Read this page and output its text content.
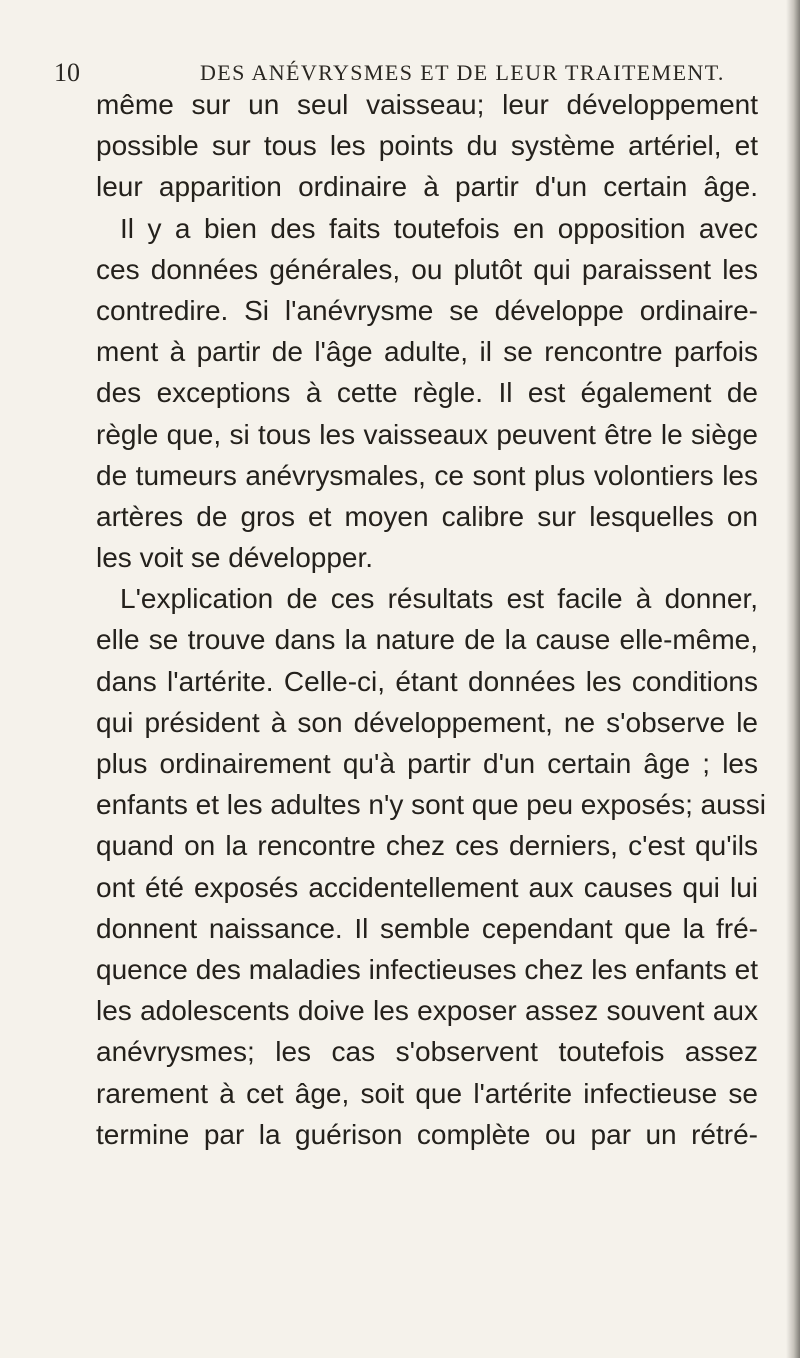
10	DES ANÉVRYSMES ET DE LEUR TRAITEMENT.
même sur un seul vaisseau; leur développement
possible sur tous les points du système artériel, et
leur apparition ordinaire à partir d'un certain âge.
Il y a bien des faits toutefois en opposition avec
ces données générales, ou plutôt qui paraissent les
contredire. Si l'anévrysme se développe ordinaire-
ment à partir de l'âge adulte, il se rencontre parfois
des exceptions à cette règle. Il est également de
règle que, si tous les vaisseaux peuvent être le siège
de tumeurs anévrysmales, ce sont plus volontiers les
artères de gros et moyen calibre sur lesquelles on
les voit se développer.
L'explication de ces résultats est facile à donner,
elle se trouve dans la nature de la cause elle-même,
dans l'artérite. Celle-ci, étant données les conditions
qui président à son développement, ne s'observe le
plus ordinairement qu'à partir d'un certain âge ; les
enfants et les adultes n'y sont que peu exposés; aussi
quand on la rencontre chez ces derniers, c'est qu'ils
ont été exposés accidentellement aux causes qui lui
donnent naissance. Il semble cependant que la fré-
quence des maladies infectieuses chez les enfants et
les adolescents doive les exposer assez souvent aux
anévrysmes; les cas s'observent toutefois assez
rarement à cet âge, soit que l'artérite infectieuse se
termine par la guérison complète ou par un rétré-
